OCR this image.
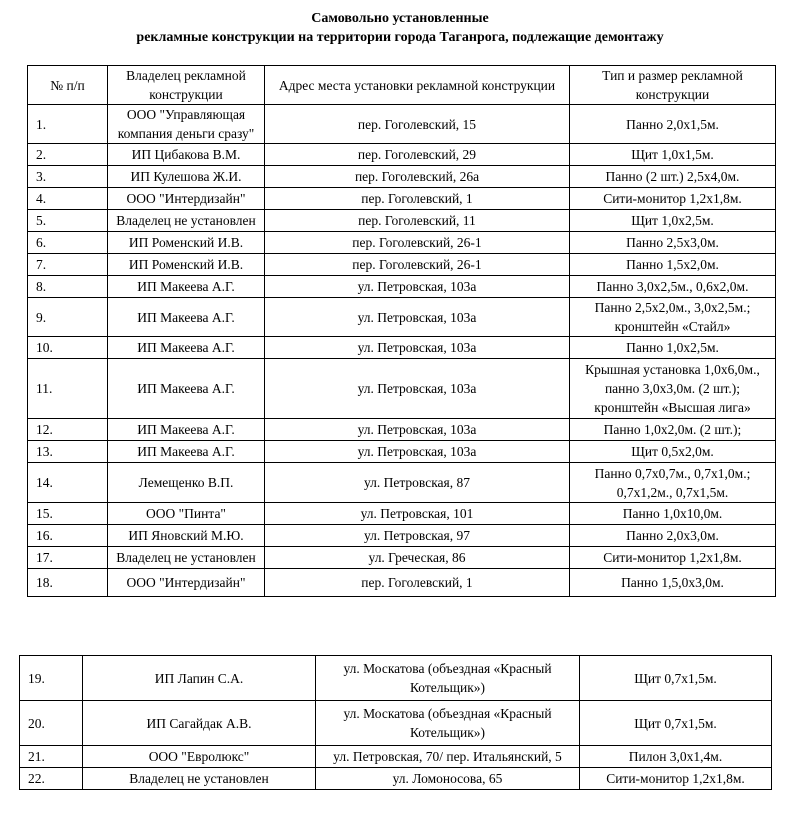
Самовольно установленные
рекламные конструкции на территории города Таганрога, подлежащие демонтажу
№ п/п	Владелец рекламной конструкции	Адрес места установки рекламной конструкции	Тип и размер рекламной конструкции
1.	ООО "Управляющая компания деньги сразу"	пер. Гоголевский, 15	Панно 2,0х1,5м.
2.	ИП Цибакова В.М.	пер. Гоголевский, 29	Щит 1,0х1,5м.
3.	ИП Кулешова Ж.И.	пер. Гоголевский, 26а	Панно (2 шт.) 2,5х4,0м.
4.	ООО "Интердизайн"	пер. Гоголевский, 1	Сити-монитор 1,2х1,8м.
5.	Владелец не установлен	пер. Гоголевский, 11	Щит 1,0х2,5м.
6.	ИП Роменский И.В.	пер. Гоголевский, 26-1	Панно 2,5х3,0м.
7.	ИП Роменский И.В.	пер. Гоголевский, 26-1	Панно 1,5х2,0м.
8.	ИП Макеева А.Г.	ул. Петровская, 103а	Панно 3,0х2,5м., 0,6х2,0м.
9.	ИП Макеева А.Г.	ул. Петровская, 103а	Панно 2,5х2,0м., 3,0х2,5м.; кронштейн «Стайл»
10.	ИП Макеева А.Г.	ул. Петровская, 103а	Панно 1,0х2,5м.
11.	ИП Макеева А.Г.	ул. Петровская, 103а	Крышная установка 1,0х6,0м., панно 3,0х3,0м. (2 шт.); кронштейн «Высшая лига»
12.	ИП Макеева А.Г.	ул. Петровская, 103а	Панно 1,0х2,0м. (2 шт.);
13.	ИП Макеева А.Г.	ул. Петровская, 103а	Щит 0,5х2,0м.
14.	Лемещенко В.П.	ул. Петровская, 87	Панно 0,7х0,7м., 0,7х1,0м.; 0,7х1,2м., 0,7х1,5м.
15.	ООО "Пинта"	ул. Петровская, 101	Панно 1,0х10,0м.
16.	ИП Яновский М.Ю.	ул. Петровская, 97	Панно 2,0х3,0м.
17.	Владелец не установлен	ул. Греческая, 86	Сити-монитор 1,2х1,8м.
18.	ООО "Интердизайн"	пер. Гоголевский, 1	Панно 1,5,0х3,0м.
19.	ИП Лапин С.А.	ул. Москатова (объездная «Красный Котельщик»)	Щит 0,7х1,5м.
20.	ИП Сагайдак А.В.	ул. Москатова (объездная «Красный Котельщик»)	Щит 0,7х1,5м.
21.	ООО "Евролюкс"	ул. Петровская, 70/ пер. Итальянский, 5	Пилон 3,0х1,4м.
22.	Владелец не установлен	ул. Ломоносова, 65	Сити-монитор 1,2х1,8м.
